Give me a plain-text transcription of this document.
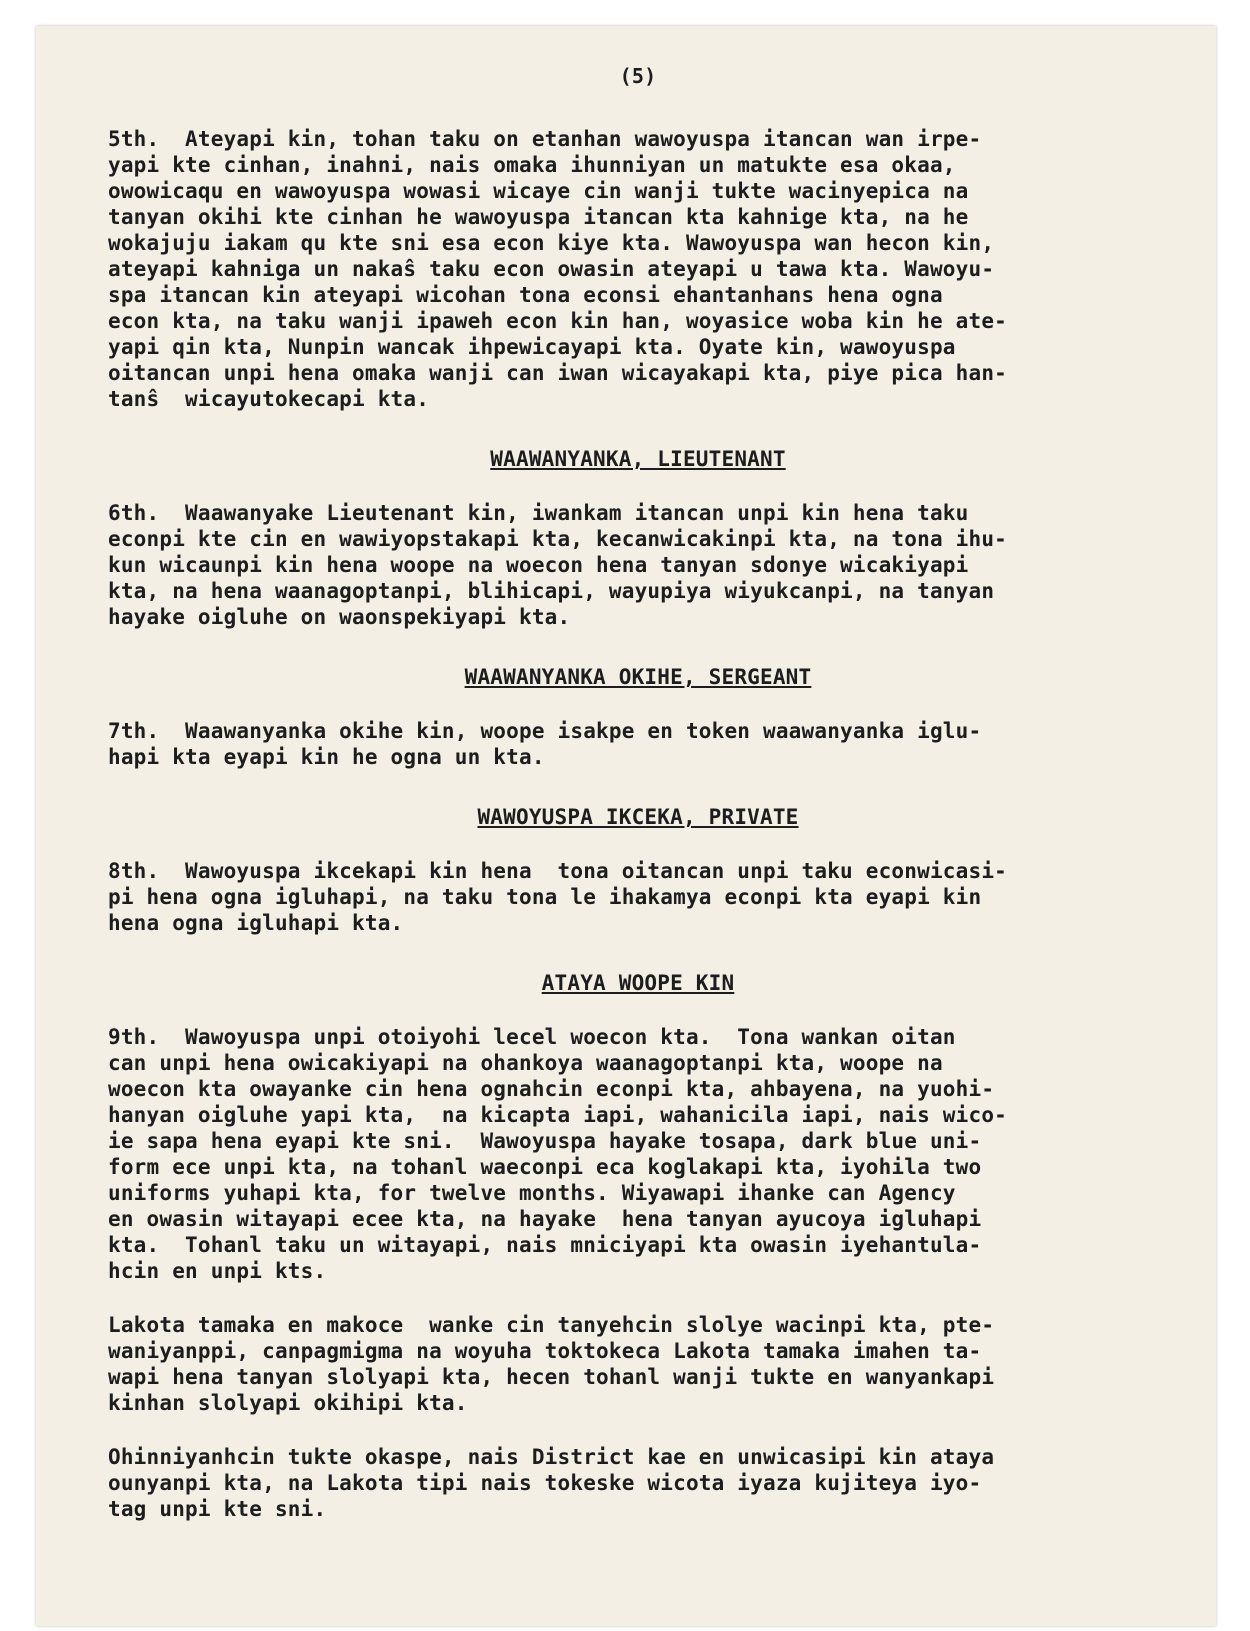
(5)

5th.  Ateyapi kin, tohan taku on etanhan wawoyuspa itancan wan irpe-
yapi kte cinhan, inahni, nais omaka ihunniyan un matukte esa okaa,
owowicaqu en wawoyuspa wowasi wicaye cin wanji tukte wacinyepica na
tanyan okihi kte cinhan he wawoyuspa itancan kta kahnige kta, na he
wokajuju iakam qu kte sni esa econ kiye kta. Wawoyuspa wan hecon kin,
ateyapi kahniga un nakaŝ taku econ owasin ateyapi u tawa kta. Wawoyu-
spa itancan kin ateyapi wicohan tona econsi ehantanhans hena ogna
econ kta, na taku wanji ipaweh econ kin han, woyasice woba kin he ate-
yapi qin kta, Nunpin wancak ihpewicayapi kta. Oyate kin, wawoyuspa
oitancan unpi hena omaka wanji can iwan wicayakapi kta, piye pica han-
tanŝ  wicayutokecapi kta.

WAAWANYANKA, LIEUTENANT

6th.  Waawanyake Lieutenant kin, iwankam itancan unpi kin hena taku
econpi kte cin en wawiyopstakapi kta, kecanwicakinpi kta, na tona ihu-
kun wicaunpi kin hena woope na woecon hena tanyan sdonye wicakiyapi
kta, na hena waanagoptanpi, blihicapi, wayupiya wiyukcanpi, na tanyan
hayake oigluhe on waonspekiyapi kta.

WAAWANYANKA OKIHE, SERGEANT

7th.  Waawanyanka okihe kin, woope isakpe en token waawanyanka iglu-
hapi kta eyapi kin he ogna un kta.

WAWOYUSPA IKCEKA, PRIVATE

8th.  Wawoyuspa ikcekapi kin hena  tona oitancan unpi taku econwicasi-
pi hena ogna igluhapi, na taku tona le ihakamya econpi kta eyapi kin
hena ogna igluhapi kta.

ATAYA WOOPE KIN

9th.  Wawoyuspa unpi otoiyohi lecel woecon kta.  Tona wankan oitan
can unpi hena owicakiyapi na ohankoya waanagoptanpi kta, woope na
woecon kta owayanke cin hena ognahcin econpi kta, ahbayena, na yuohi-
hanyan oigluhe yapi kta,  na kicapta iapi, wahanicila iapi, nais wico-
ie sapa hena eyapi kte sni.  Wawoyuspa hayake tosapa, dark blue uni-
form ece unpi kta, na tohanl waeconpi eca koglakapi kta, iyohila two
uniforms yuhapi kta, for twelve months. Wiyawapi ihanke can Agency
en owasin witayapi ecee kta, na hayake  hena tanyan ayucoya igluhapi
kta.  Tohanl taku un witayapi, nais mniciyapi kta owasin iyehantula-
hcin en unpi kts.

Lakota tamaka en makoce  wanke cin tanyehcin slolye wacinpi kta, pte-
waniyanppi, canpagmigma na woyuha toktokeca Lakota tamaka imahen ta-
wapi hena tanyan slolyapi kta, hecen tohanl wanji tukte en wanyankapi
kinhan slolyapi okihipi kta.

Ohinniyanhcin tukte okaspe, nais District kae en unwicasipi kin ataya
ounyanpi kta, na Lakota tipi nais tokeske wicota iyaza kujiteya iyo-
tag unpi kte sni.
